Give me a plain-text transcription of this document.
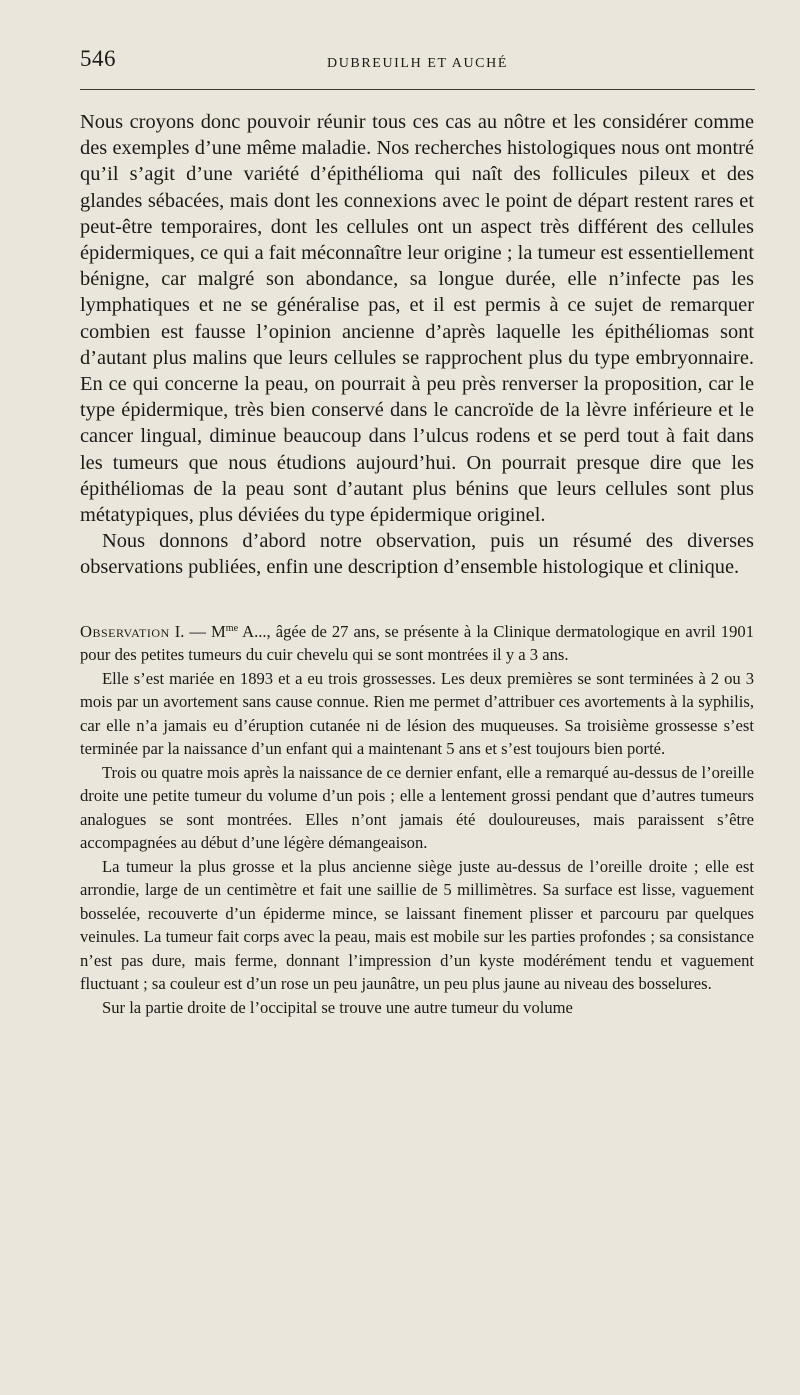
546	DUBREUILH ET AUCHÉ

Nous croyons donc pouvoir réunir tous ces cas au nôtre et les considérer comme des exemples d’une même maladie. Nos recherches histologiques nous ont montré qu’il s’agit d’une variété d’épithélioma qui naît des follicules pileux et des glandes sébacées, mais dont les connexions avec le point de départ restent rares et peut-être temporaires, dont les cellules ont un aspect très différent des cellules épidermiques, ce qui a fait méconnaître leur origine ; la tumeur est essentiellement bénigne, car malgré son abondance, sa longue durée, elle n’infecte pas les lymphatiques et ne se généralise pas, et il est permis à ce sujet de remarquer combien est fausse l’opinion ancienne d’après laquelle les épithéliomas sont d’autant plus malins que leurs cellules se rapprochent plus du type embryonnaire. En ce qui concerne la peau, on pourrait à peu près renverser la proposition, car le type épidermique, très bien conservé dans le cancroïde de la lèvre inférieure et le cancer lingual, diminue beaucoup dans l’ulcus rodens et se perd tout à fait dans les tumeurs que nous étudions aujourd’hui. On pourrait presque dire que les épithéliomas de la peau sont d’autant plus bénins que leurs cellules sont plus métatypiques, plus déviées du type épidermique originel.

Nous donnons d’abord notre observation, puis un résumé des diverses observations publiées, enfin une description d’ensemble histologique et clinique.

Observation I. — $M^{me}$ A..., âgée de 27 ans, se présente à la Clinique dermatologique en avril 1901 pour des petites tumeurs du cuir chevelu qui se sont montrées il y a 3 ans.

Elle s’est mariée en 1893 et a eu trois grossesses. Les deux premières se sont terminées à 2 ou 3 mois par un avortement sans cause connue. Rien me permet d’attribuer ces avortements à la syphilis, car elle n’a jamais eu d’éruption cutanée ni de lésion des muqueuses. Sa troisième grossesse s’est terminée par la naissance d’un enfant qui a maintenant 5 ans et s’est toujours bien porté.

Trois ou quatre mois après la naissance de ce dernier enfant, elle a remarqué au-dessus de l’oreille droite une petite tumeur du volume d’un pois ; elle a lentement grossi pendant que d’autres tumeurs analogues se sont montrées. Elles n’ont jamais été douloureuses, mais paraissent s’être accompagnées au début d’une légère démangeaison.

La tumeur la plus grosse et la plus ancienne siège juste au-dessus de l’oreille droite ; elle est arrondie, large de un centimètre et fait une saillie de 5 millimètres. Sa surface est lisse, vaguement bosselée, recouverte d’un épiderme mince, se laissant finement plisser et parcouru par quelques veinules. La tumeur fait corps avec la peau, mais est mobile sur les parties profondes ; sa consistance n’est pas dure, mais ferme, donnant l’impression d’un kyste modérément tendu et vaguement fluctuant ; sa couleur est d’un rose un peu jaunâtre, un peu plus jaune au niveau des bosselures.

Sur la partie droite de l’occipital se trouve une autre tumeur du volume
